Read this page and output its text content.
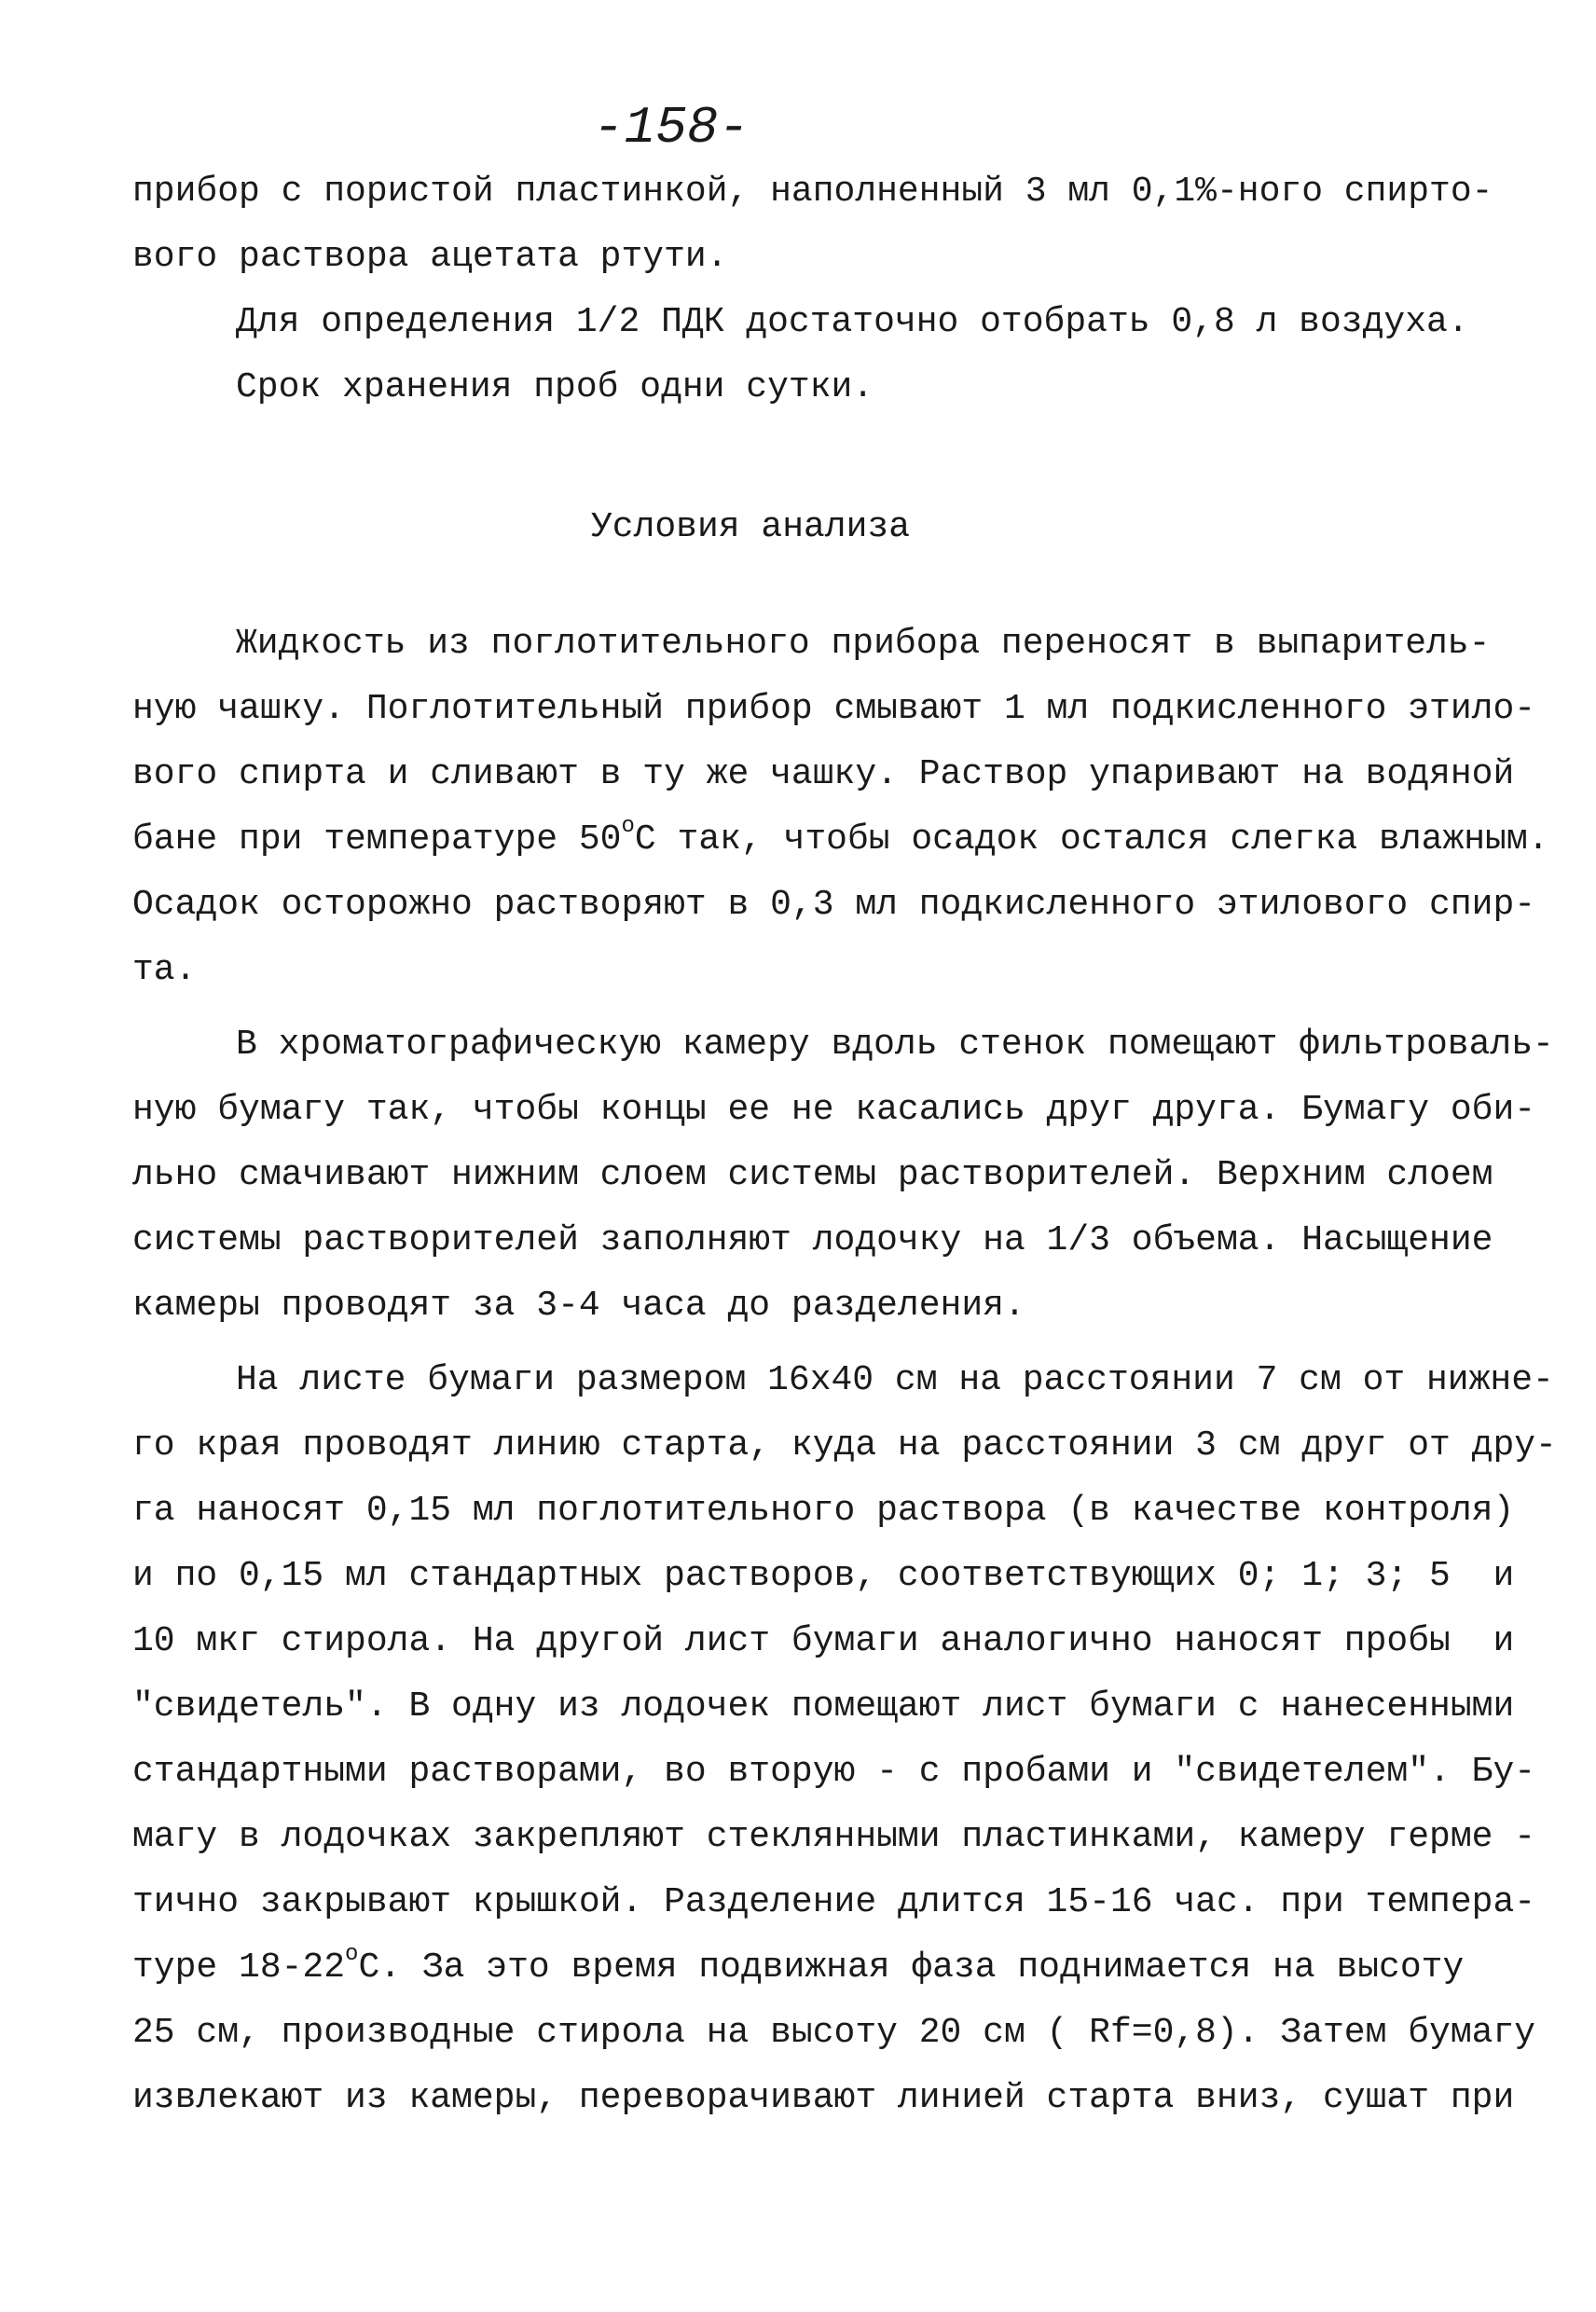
-158-

прибор с пористой пластинкой, наполненный 3 мл 0,1%-ного спирто-

вого раствора ацетата ртути.

Для определения 1/2 ПДК достаточно отобрать 0,8 л воздуха.

Срок хранения проб одни сутки.

Условия анализа

Жидкость из поглотительного прибора переносят в выпаритель-

ную чашку. Поглотительный прибор смывают 1 мл подкисленного этило-

вого спирта и сливают в ту же чашку. Раствор упаривают на водяной

бане при температуре $50^оС$ так, чтобы осадок остался слегка влажным.

Осадок осторожно растворяют в 0,3 мл подкисленного этилового спир-

та.

В хроматографическую камеру вдоль стенок помещают фильтроваль-

ную бумагу так, чтобы концы ее не касались друг друга. Бумагу оби-

льно смачивают нижним слоем системы растворителей. Верхним слоем

системы растворителей заполняют лодочку на 1/3 объема. Насыщение

камеры проводят за 3-4 часа до разделения.

На листе бумаги размером 16х40 см на расстоянии 7 см от нижне-

го края проводят линию старта, куда на расстоянии 3 см друг от дру-

га наносят 0,15 мл поглотительного раствора (в качестве контроля)

и по 0,15 мл стандартных растворов, соответствующих 0; 1; 3; 5  и

10 мкг стирола. На другой лист бумаги аналогично наносят пробы  и

"свидетель". В одну из лодочек помещают лист бумаги с нанесенными

стандартными растворами, во вторую - с пробами и "свидетелем". Бу-

магу в лодочках закрепляют стеклянными пластинками, камеру герме -

тично закрывают крышкой. Разделение длится 15-16 час. при темпера-

туре $18-22^оС$. За это время подвижная фаза поднимается на высоту

25 см, производные стирола на высоту 20 см ( Rf=0,8). Затем бумагу

извлекают из камеры, переворачивают линией старта вниз, сушат при
